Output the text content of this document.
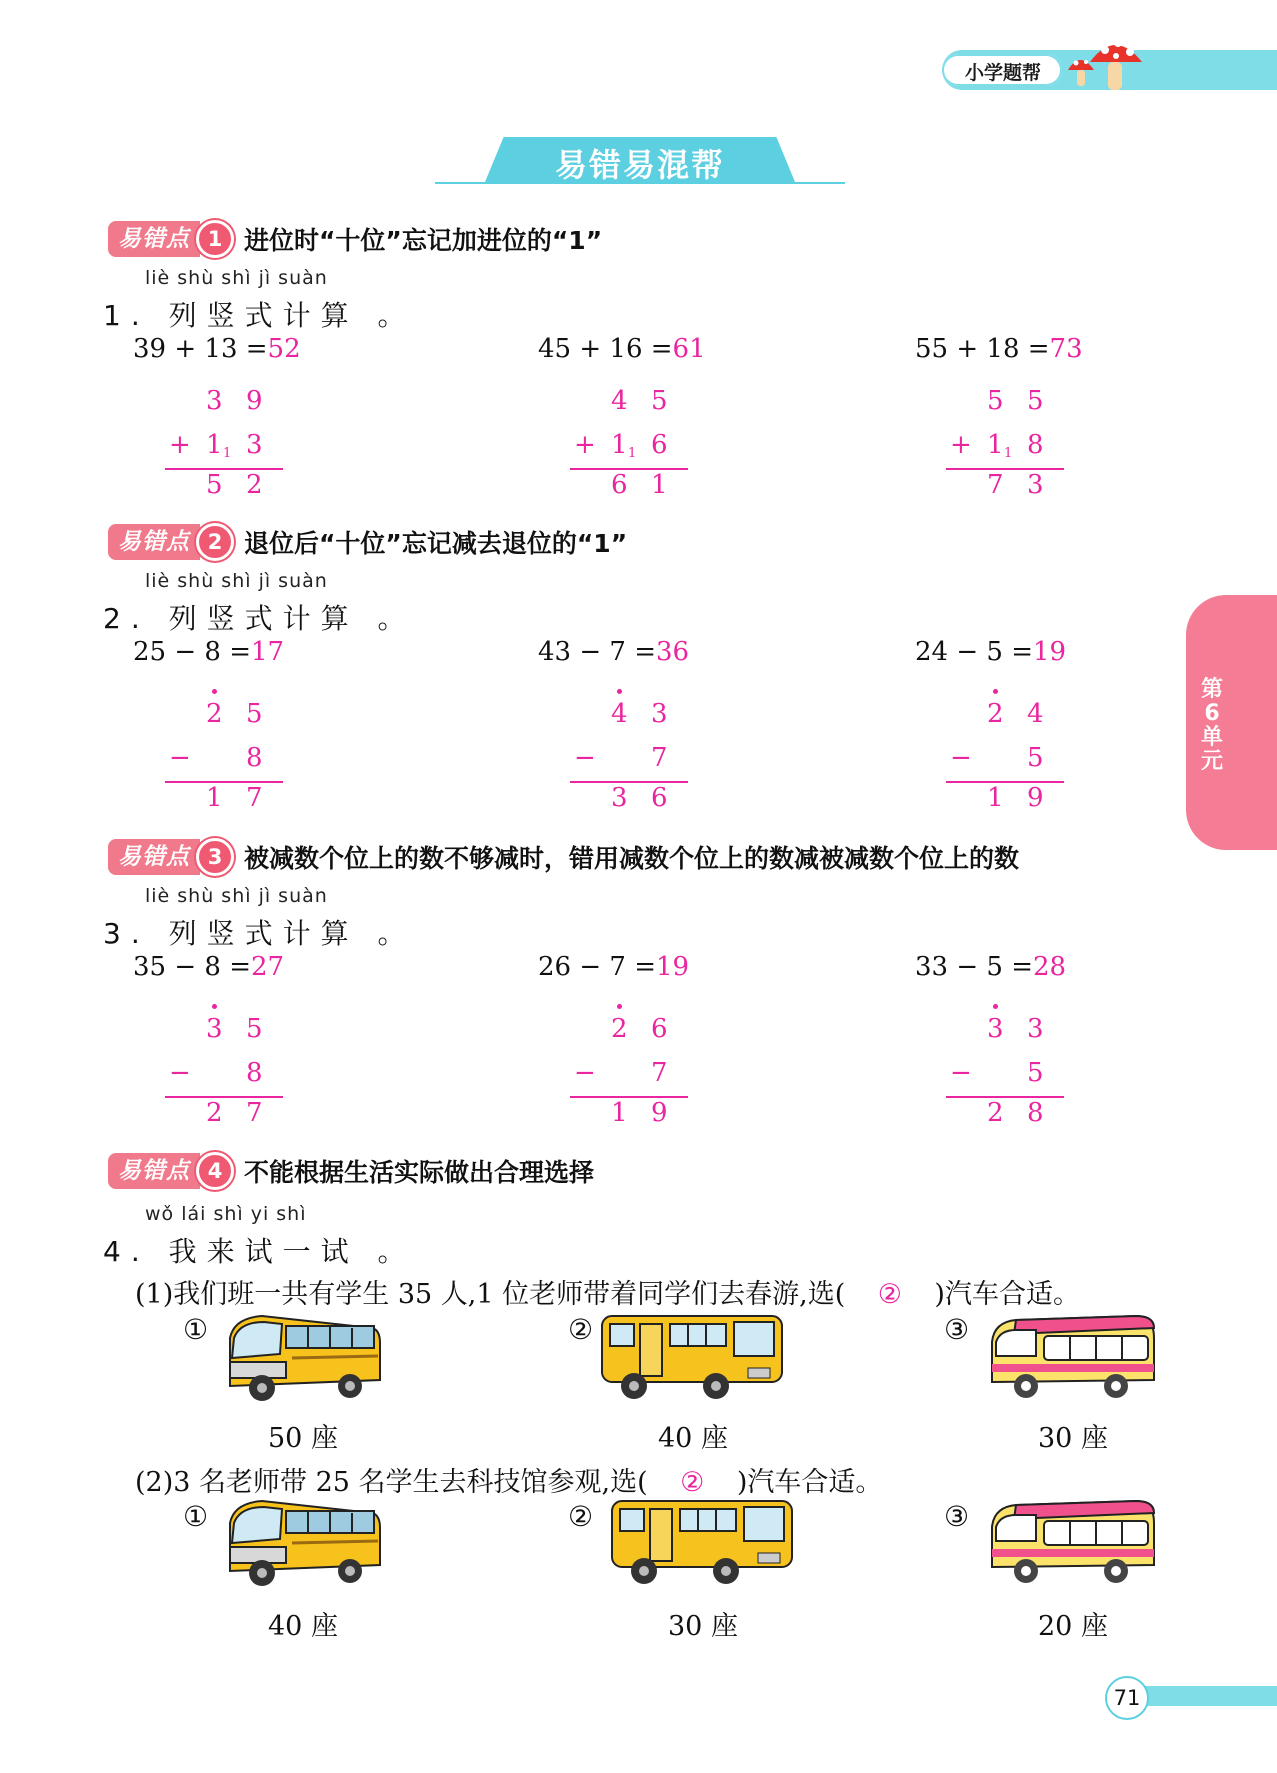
小学题帮
易错易混帮
第
6
单
元
易错点 1 进位时“十位”忘记加进位的“1”
liè shù shì jì suàn
1. 列竖式计算 。
39 + 13 =52
3 9
+ 1 1 3
5 2
45 + 16 =61
4 5
+ 1 1 6
6 1
55 + 18 =73
5 5
+ 1 1 8
7 3
易错点 2 退位后“十位”忘记减去退位的“1”
liè shù shì jì suàn
2. 列竖式计算 。
25 − 8 =17
2 5
− 8
1 7
43 − 7 =36
4 3
− 7
3 6
24 − 5 =19
2 4
− 5
1 9
易错点 3 被减数个位上的数不够减时，错用减数个位上的数减被减数个位上的数
liè shù shì jì suàn
3. 列竖式计算 。
35 − 8 =27
3 5
− 8
2 7
26 − 7 =19
2 6
− 7
1 9
33 − 5 =28
3 3
− 5
2 8
易错点 4 不能根据生活实际做出合理选择
wǒ lái shì yi shì
4. 我来试一试 。
(1)我们班一共有学生 35 人,1 位老师带着同学们去春游,选( ② )汽车合适。
(2)3 名老师带 25 名学生去科技馆参观,选( ② )汽车合适。
①	②	③
50 座	40 座	30 座
①	②	③
40 座	30 座	20 座
71
